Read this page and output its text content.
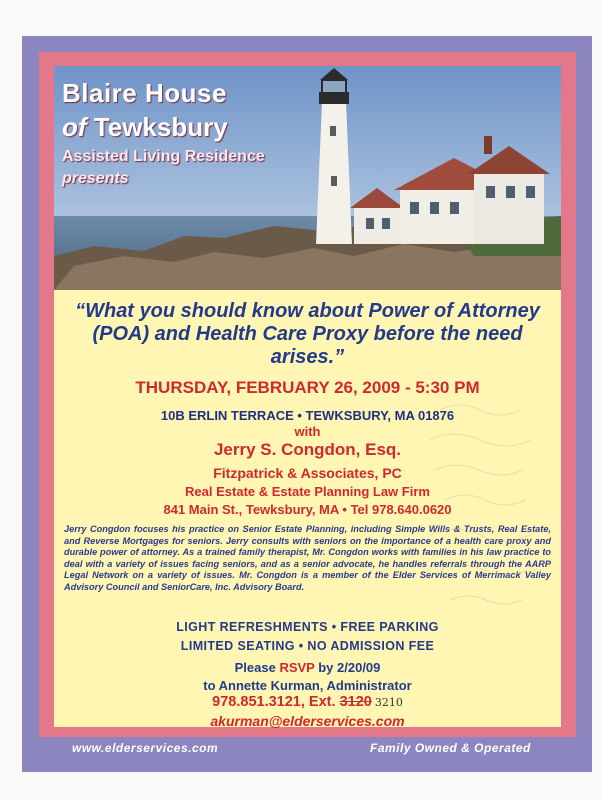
Blaire House
of Tewksbury
Assisted Living Residence
presents
“What you should know about Power of Attorney (POA) and Health Care Proxy before the need arises.”
THURSDAY, FEBRUARY 26, 2009 - 5:30 PM
10B ERLIN TERRACE • TEWKSBURY, MA 01876
with
Jerry S. Congdon, Esq.
Fitzpatrick & Associates, PC
Real Estate & Estate Planning Law Firm
841 Main St., Tewksbury, MA • Tel 978.640.0620
Jerry Congdon focuses his practice on Senior Estate Planning, including Simple Wills & Trusts, Real Estate, and Reverse Mortgages for seniors. Jerry consults with seniors on the importance of a health care proxy and durable power of attorney. As a trained family therapist, Mr. Congdon works with families in his law practice to deal with a variety of issues facing seniors, and as a senior advocate, he handles referrals through the AARP Legal Network on a variety of issues. Mr. Congdon is a member of the Elder Services of Merrimack Valley Advisory Council and SeniorCare, Inc. Advisory Board.
LIGHT REFRESHMENTS • FREE PARKING
LIMITED SEATING • NO ADMISSION FEE
Please RSVP by 2/20/09
to Annette Kurman, Administrator
978.851.3121, Ext. 3120 3210
akurman@elderservices.com
www.elderservices.com	Family Owned & Operated
